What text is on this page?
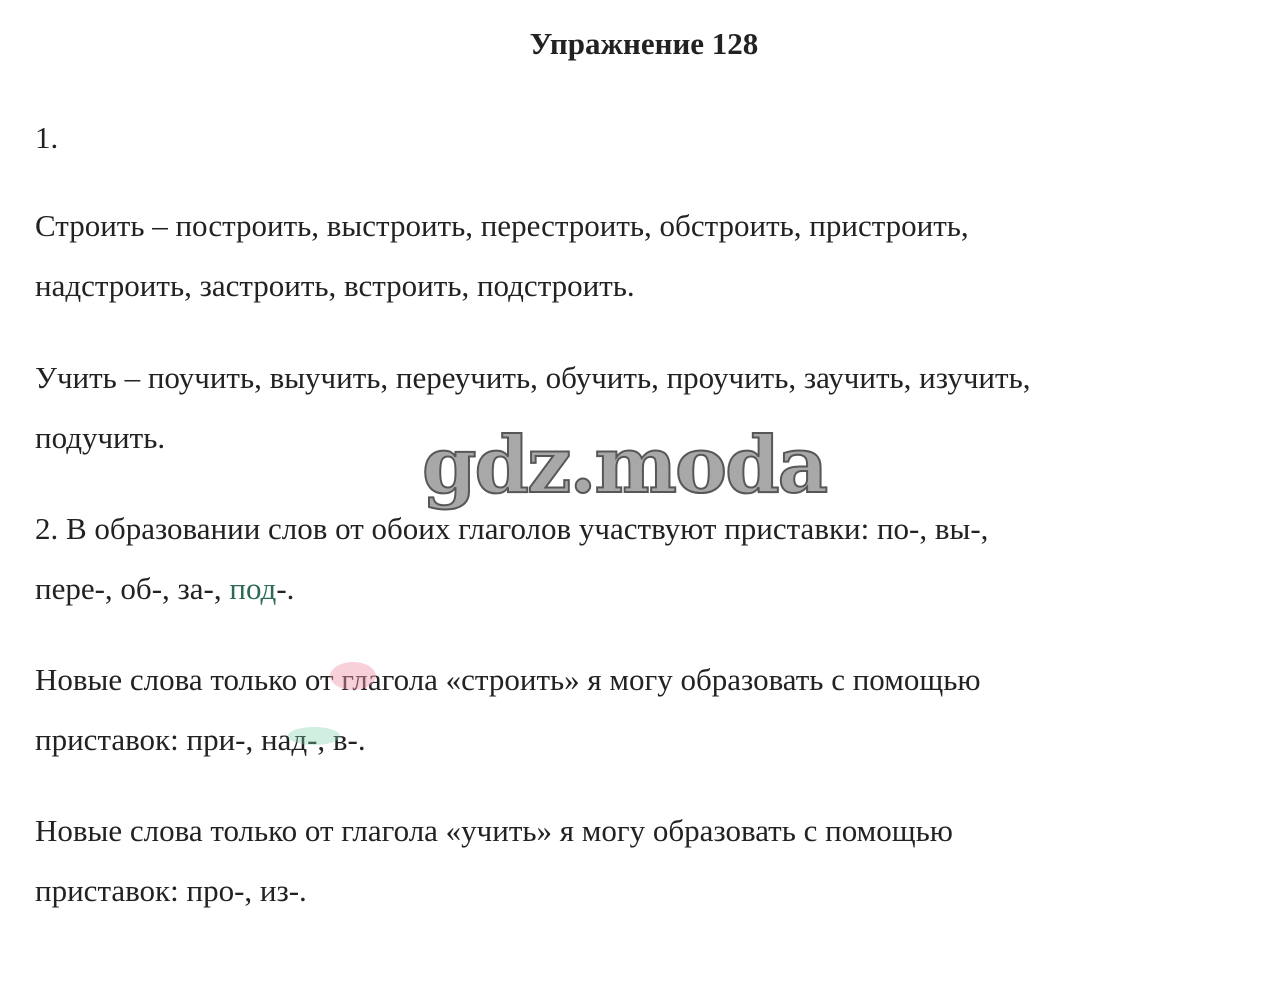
Упражнение 128
1.
Строить – построить, выстроить, перестроить, обстроить, пристроить,
надстроить, застроить, встроить, подстроить.
Учить – поучить, выучить, переучить, обучить, проучить, заучить, изучить,
подучить.
2. В образовании слов от обоих глаголов участвуют приставки: по-, вы-,
пере-, об-, за-, под-.
Новые слова только от глагола «строить» я могу образовать с помощью
приставок: при-, над-, в-.
Новые слова только от глагола «учить» я могу образовать с помощью
приставок: про-, из-.
gdz.moda
